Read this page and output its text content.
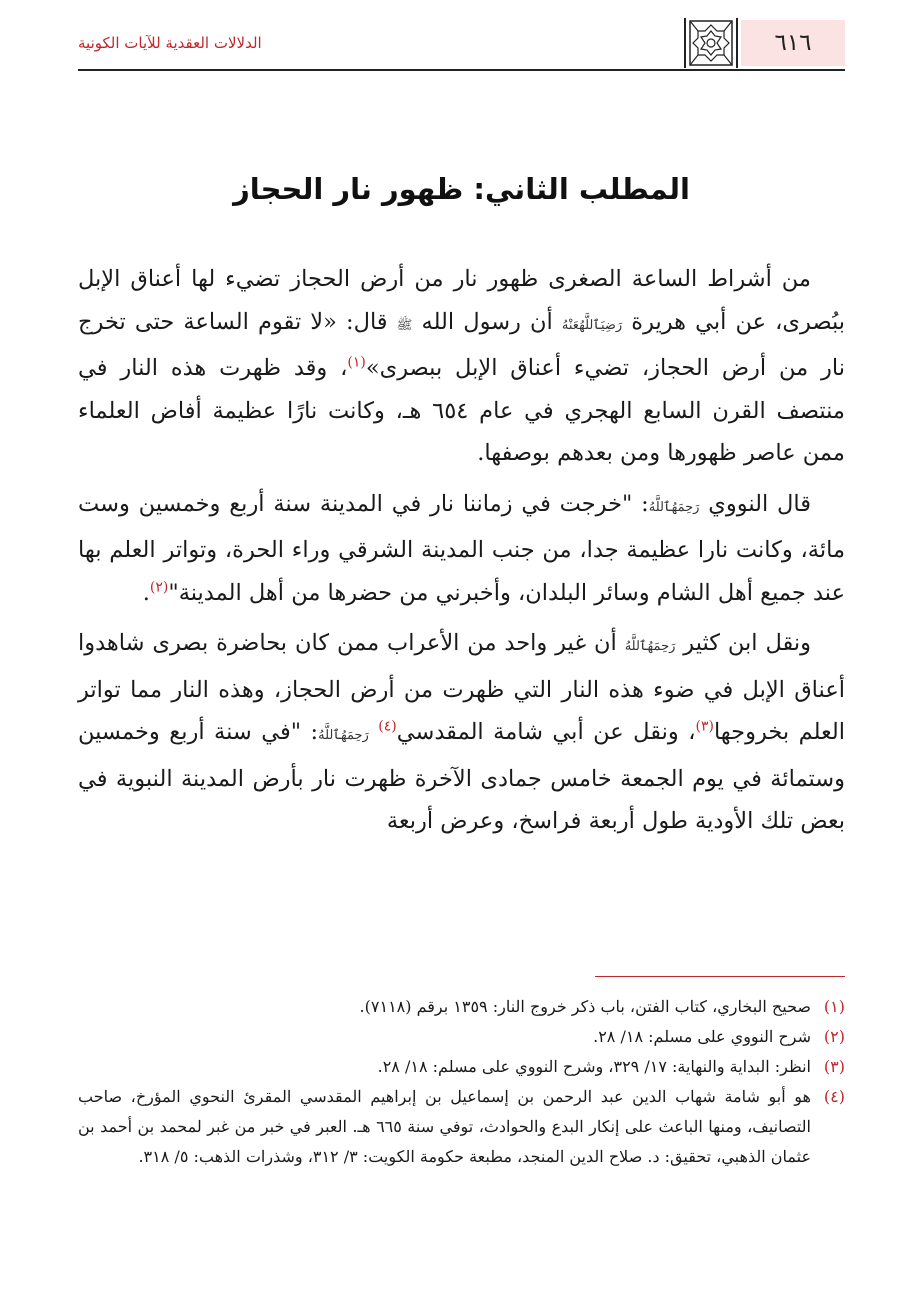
٦١٦
الدلالات العقدية للآيات الكونية
المطلب الثاني: ظهور نار الحجاز

من أشراط الساعة الصغرى ظهور نار من أرض الحجاز تضيء لها أعناق الإبل ببُصرى، عن أبي هريرة رَضِيَٱللَّهُعَنْهُ أن رسول الله ﷺ قال: «لا تقوم الساعة حتى تخرج نار من أرض الحجاز، تضيء أعناق الإبل ببصرى»$^{(١)}$، وقد ظهرت هذه النار في منتصف القرن السابع الهجري في عام ٦٥٤ هـ، وكانت نارًا عظيمة أفاض العلماء ممن عاصر ظهورها ومن بعدهم بوصفها.

قال النووي رَحِمَهُٱللَّهُ: "خرجت في زماننا نار في المدينة سنة أربع وخمسين وست مائة، وكانت نارا عظيمة جدا، من جنب المدينة الشرقي وراء الحرة، وتواتر العلم بها عند جميع أهل الشام وسائر البلدان، وأخبرني من حضرها من أهل المدينة"$^{(٢)}$.

ونقل ابن كثير رَحِمَهُٱللَّهُ أن غير واحد من الأعراب ممن كان بحاضرة بصرى شاهدوا أعناق الإبل في ضوء هذه النار التي ظهرت من أرض الحجاز، وهذه النار مما تواتر العلم بخروجها$^{(٣)}$، ونقل عن أبي شامة المقدسي$^{(٤)}$ رَحِمَهُٱللَّهُ: "في سنة أربع وخمسين وستمائة في يوم الجمعة خامس جمادى الآخرة ظهرت نار بأرض المدينة النبوية في بعض تلك الأودية طول أربعة فراسخ، وعرض أربعة

(١)
صحيح البخاري، كتاب الفتن، باب ذكر خروج النار: ١٣٥٩ برقم (٧١١٨).
(٢)
شرح النووي على مسلم: ١٨/ ٢٨.
(٣)
انظر: البداية والنهاية: ١٧/ ٣٢٩، وشرح النووي على مسلم: ١٨/ ٢٨.
(٤)
هو أبو شامة شهاب الدين عبد الرحمن بن إسماعيل بن إبراهيم المقدسي المقرئ النحوي المؤرخ، صاحب التصانيف، ومنها الباعث على إنكار البدع والحوادث، توفي سنة ٦٦٥ هـ. العبر في خبر من غبر لمحمد بن أحمد بن عثمان الذهبي، تحقيق: د. صلاح الدين المنجد، مطبعة حكومة الكويت: ٣/ ٣١٢، وشذرات الذهب: ٥/ ٣١٨.
